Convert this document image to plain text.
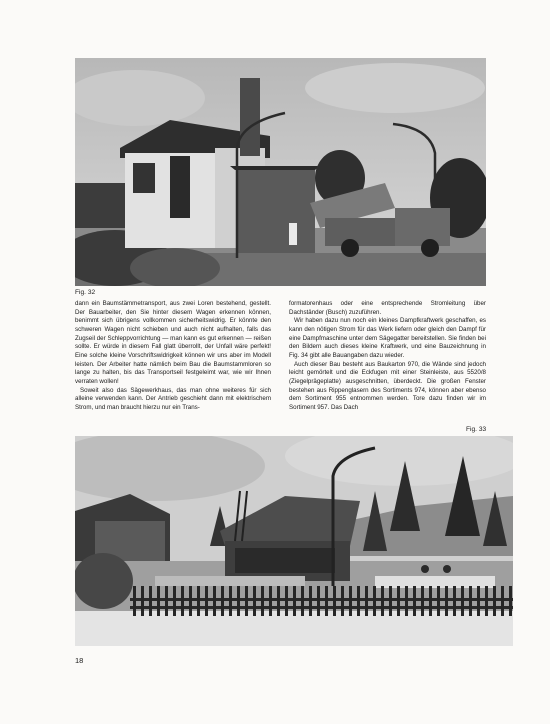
Fig. 32

dann ein Baumstämmetransport, aus zwei Loren bestehend, gestellt. Der Bauarbeiter, den Sie hinter diesem Wagen erkennen können, benimmt sich übrigens vollkommen sicherheitswidrig. Er könnte den schweren Wagen nicht schieben und auch nicht aufhalten, falls das Zugseil der Schleppvorrichtung — man kann es gut erkennen — reißen sollte. Er würde in diesem Fall glatt überrollt, der Unfall wäre perfekt! Eine solche kleine Vorschriftswidrigkeit können wir uns aber im Modell leisten. Der Arbeiter hatte nämlich beim Bau die Baumstammloren so lange zu halten, bis das Transportseil festgeleimt war, wie wir Ihnen verraten wollen!

Soweit also das Sägewerkhaus, das man ohne weiteres für sich alleine verwenden kann. Der Antrieb geschieht dann mit elektrischem Strom, und man braucht hierzu nur ein Trans-

formatorenhaus oder eine entsprechende Stromleitung über Dachständer (Busch) zuzuführen.

Wir haben dazu nun noch ein kleines Dampfkraftwerk geschaffen, es kann den nötigen Strom für das Werk liefern oder gleich den Dampf für eine Dampfmaschine unter dem Sägegatter bereitstellen. Sie finden bei den Bildern auch dieses kleine Kraftwerk, und eine Bauzeichnung in Fig. 34 gibt alle Bauangaben dazu wieder.

Auch dieser Bau besteht aus Baukarton 970, die Wände sind jedoch leicht gemörtelt und die Eckfugen mit einer Steinleiste, aus 5520/8 (Ziegelprägeplatte) ausgeschnitten, überdeckt. Die großen Fenster bestehen aus Rippenglasern des Sortiments 974, können aber ebenso dem Sortiment 955 entnommen werden. Tore dazu finden wir im Sortiment 957. Das Dach

Fig. 33
18
